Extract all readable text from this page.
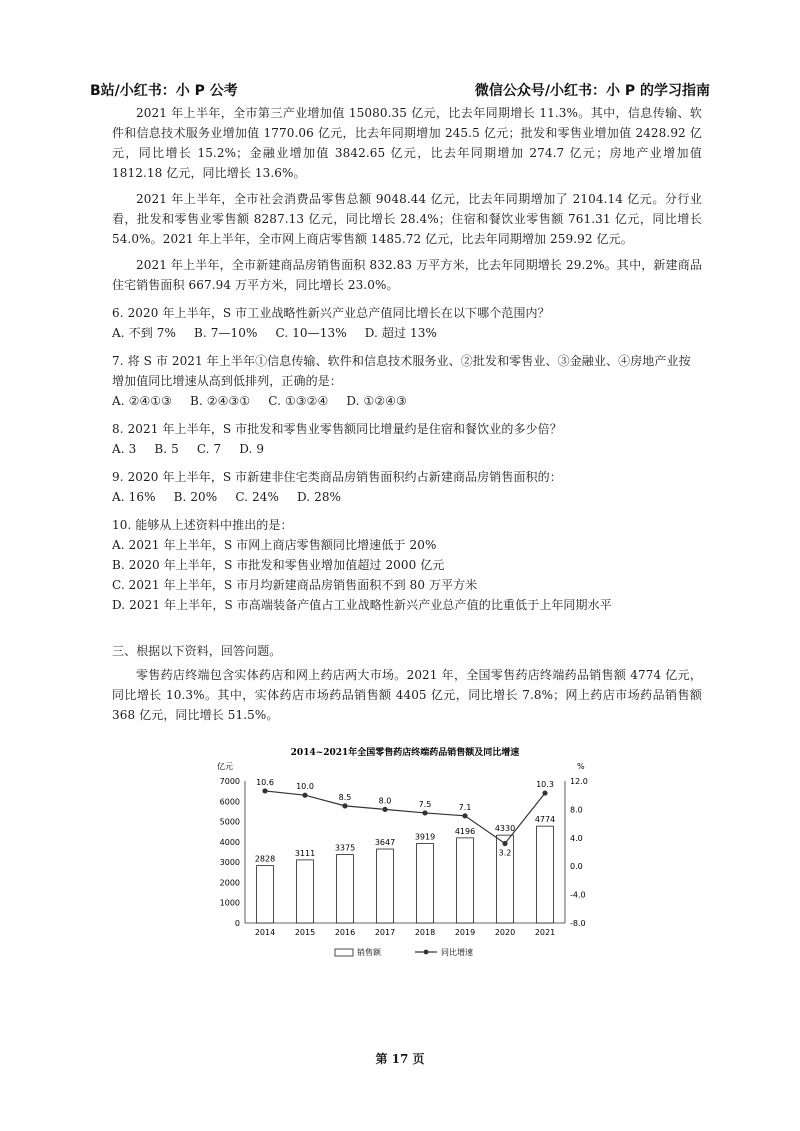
B站/小红书：小 P 公考	微信公众号/小红书：小 P 的学习指南

2021 年上半年，全市第三产业增加值 15080.35 亿元，比去年同期增长 11.3%。其中，信息传输、软件和信息技术服务业增加值 1770.06 亿元，比去年同期增加 245.5 亿元；批发和零售业增加值 2428.92 亿元，同比增长 15.2%；金融业增加值 3842.65 亿元，比去年同期增加 274.7 亿元；房地产业增加值 1812.18 亿元，同比增长 13.6%。

2021 年上半年，全市社会消费品零售总额 9048.44 亿元，比去年同期增加了 2104.14 亿元。分行业看，批发和零售业零售额 8287.13 亿元，同比增长 28.4%；住宿和餐饮业零售额 761.31 亿元，同比增长 54.0%。2021 年上半年，全市网上商店零售额 1485.72 亿元，比去年同期增加 259.92 亿元。

2021 年上半年，全市新建商品房销售面积 832.83 万平方米，比去年同期增长 29.2%。其中，新建商品住宅销售面积 667.94 万平方米，同比增长 23.0%。

6. 2020 年上半年，S 市工业战略性新兴产业总产值同比增长在以下哪个范围内？

A. 不到 7% B. 7—10% C. 10—13% D. 超过 13%

7. 将 S 市 2021 年上半年①信息传输、软件和信息技术服务业、②批发和零售业、③金融业、④房地产业按增加值同比增速从高到低排列，正确的是：

A. ②④①③ B. ②④③① C. ①③②④ D. ①②④③

8. 2021 年上半年，S 市批发和零售业零售额同比增量约是住宿和餐饮业的多少倍？

A. 3 B. 5 C. 7 D. 9

9. 2020 年上半年，S 市新建非住宅类商品房销售面积约占新建商品房销售面积的：

A. 16% B. 20% C. 24% D. 28%

10. 能够从上述资料中推出的是：

A. 2021 年上半年，S 市网上商店零售额同比增速低于 20%
B. 2020 年上半年，S 市批发和零售业增加值超过 2000 亿元
C. 2021 年上半年，S 市月均新建商品房销售面积不到 80 万平方米
D. 2021 年上半年，S 市高端装备产值占工业战略性新兴产业总产值的比重低于上年同期水平

三、根据以下资料，回答问题。

零售药店终端包含实体药店和网上药店两大市场。2021 年，全国零售药店终端药品销售额 4774 亿元，同比增长 10.3%。其中，实体药店市场药品销售额 4405 亿元，同比增长 7.8%；网上药店市场药品销售额 368 亿元，同比增长 51.5%。

2014~2021年全国零售药店终端药品销售额及同比增速
亿元	%
0
1000
2000
3000
4000
5000
6000
7000
-8.0
-4.0
0.0
4.0
8.0
12.0
2828
2014
3111
2015
3375
2016
3647
2017
3919
2018
4196
2019
4330
2020
4774
2021
10.6	10.0
8.5	8.0	7.5	7.1
3.2
10.3
销售额	同比增速
第 17 页
